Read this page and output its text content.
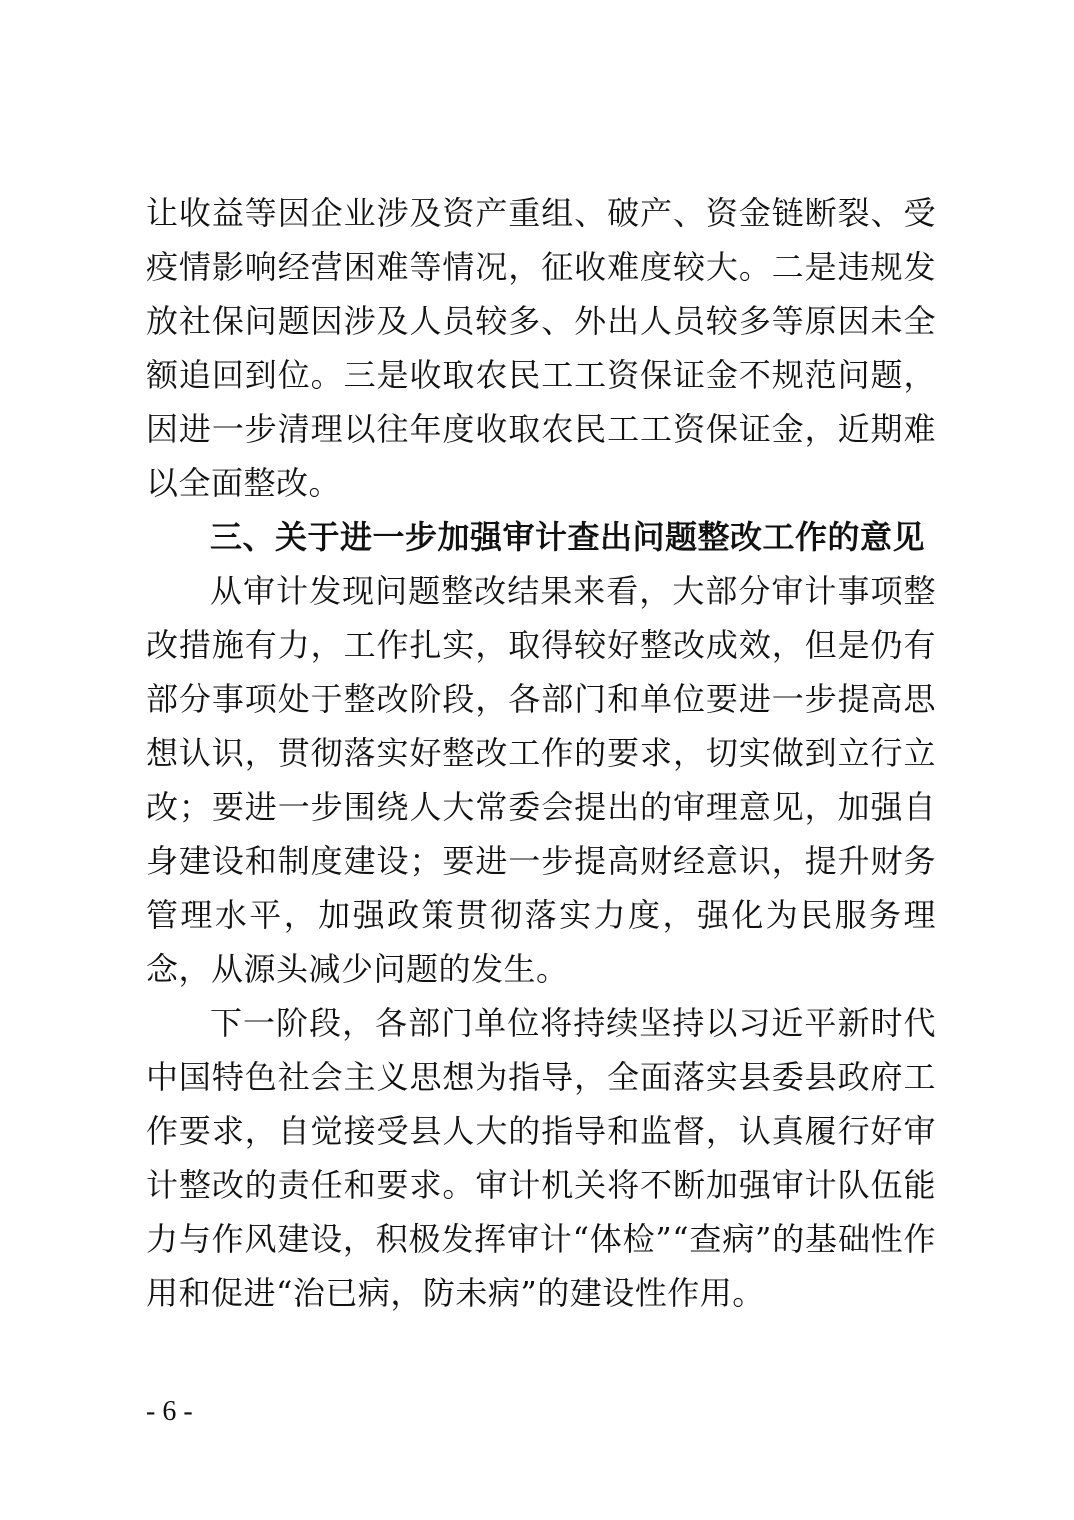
让收益等因企业涉及资产重组、破产、资金链断裂、受疫情影响经营困难等情况，征收难度较大。二是违规发放社保问题因涉及人员较多、外出人员较多等原因未全额追回到位。三是收取农民工工资保证金不规范问题，因进一步清理以往年度收取农民工工资保证金，近期难以全面整改。

三、关于进一步加强审计查出问题整改工作的意见

从审计发现问题整改结果来看，大部分审计事项整改措施有力，工作扎实，取得较好整改成效，但是仍有部分事项处于整改阶段，各部门和单位要进一步提高思想认识，贯彻落实好整改工作的要求，切实做到立行立改；要进一步围绕人大常委会提出的审理意见，加强自身建设和制度建设；要进一步提高财经意识，提升财务管理水平，加强政策贯彻落实力度，强化为民服务理念，从源头减少问题的发生。

下一阶段，各部门单位将持续坚持以习近平新时代中国特色社会主义思想为指导，全面落实县委县政府工作要求，自觉接受县人大的指导和监督，认真履行好审计整改的责任和要求。审计机关将不断加强审计队伍能力与作风建设，积极发挥审计“体检”“查病”的基础性作用和促进“治已病，防未病”的建设性作用。

- 6 -
